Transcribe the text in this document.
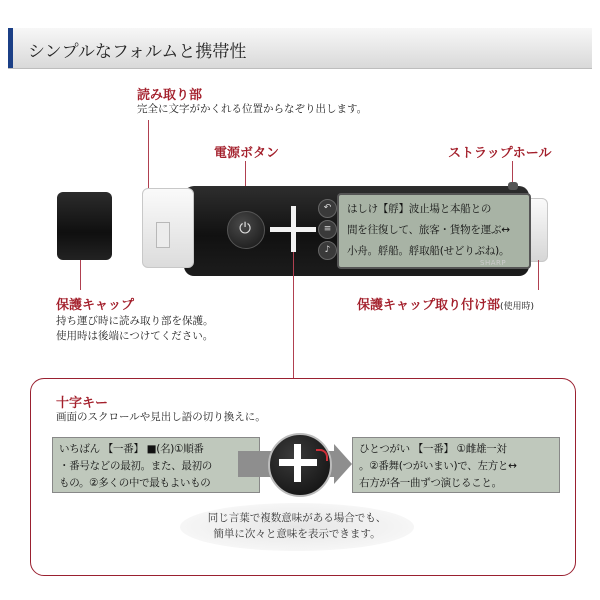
シンプルなフォルムと携帯性
読み取り部
完全に文字がかくれる位置からなぞり出します。
電源ボタン	ストラップホール
⏻
↶
≡
♪
はしけ【艀】波止場と本船との
間を往復して、旅客・貨物を運ぶ↔
小舟。艀船。艀取船(せどりぶね)。
SHARP
保護キャップ
持ち運び時に読み取り部を保護。
使用時は後端につけてください。
保護キャップ取り付け部(使用時)
十字キー
画面のスクロールや見出し語の切り換えに。
いちばん 【一番】 ■(名)①順番
・番号などの最初。また、最初の
もの。②多くの中で最もよいもの
ひとつがい 【一番】 ①雌雄一対
。②番舞(つがいまい)で、左方と↔
右方が各一曲ずつ演じること。
同じ言葉で複数意味がある場合でも、
簡単に次々と意味を表示できます。
